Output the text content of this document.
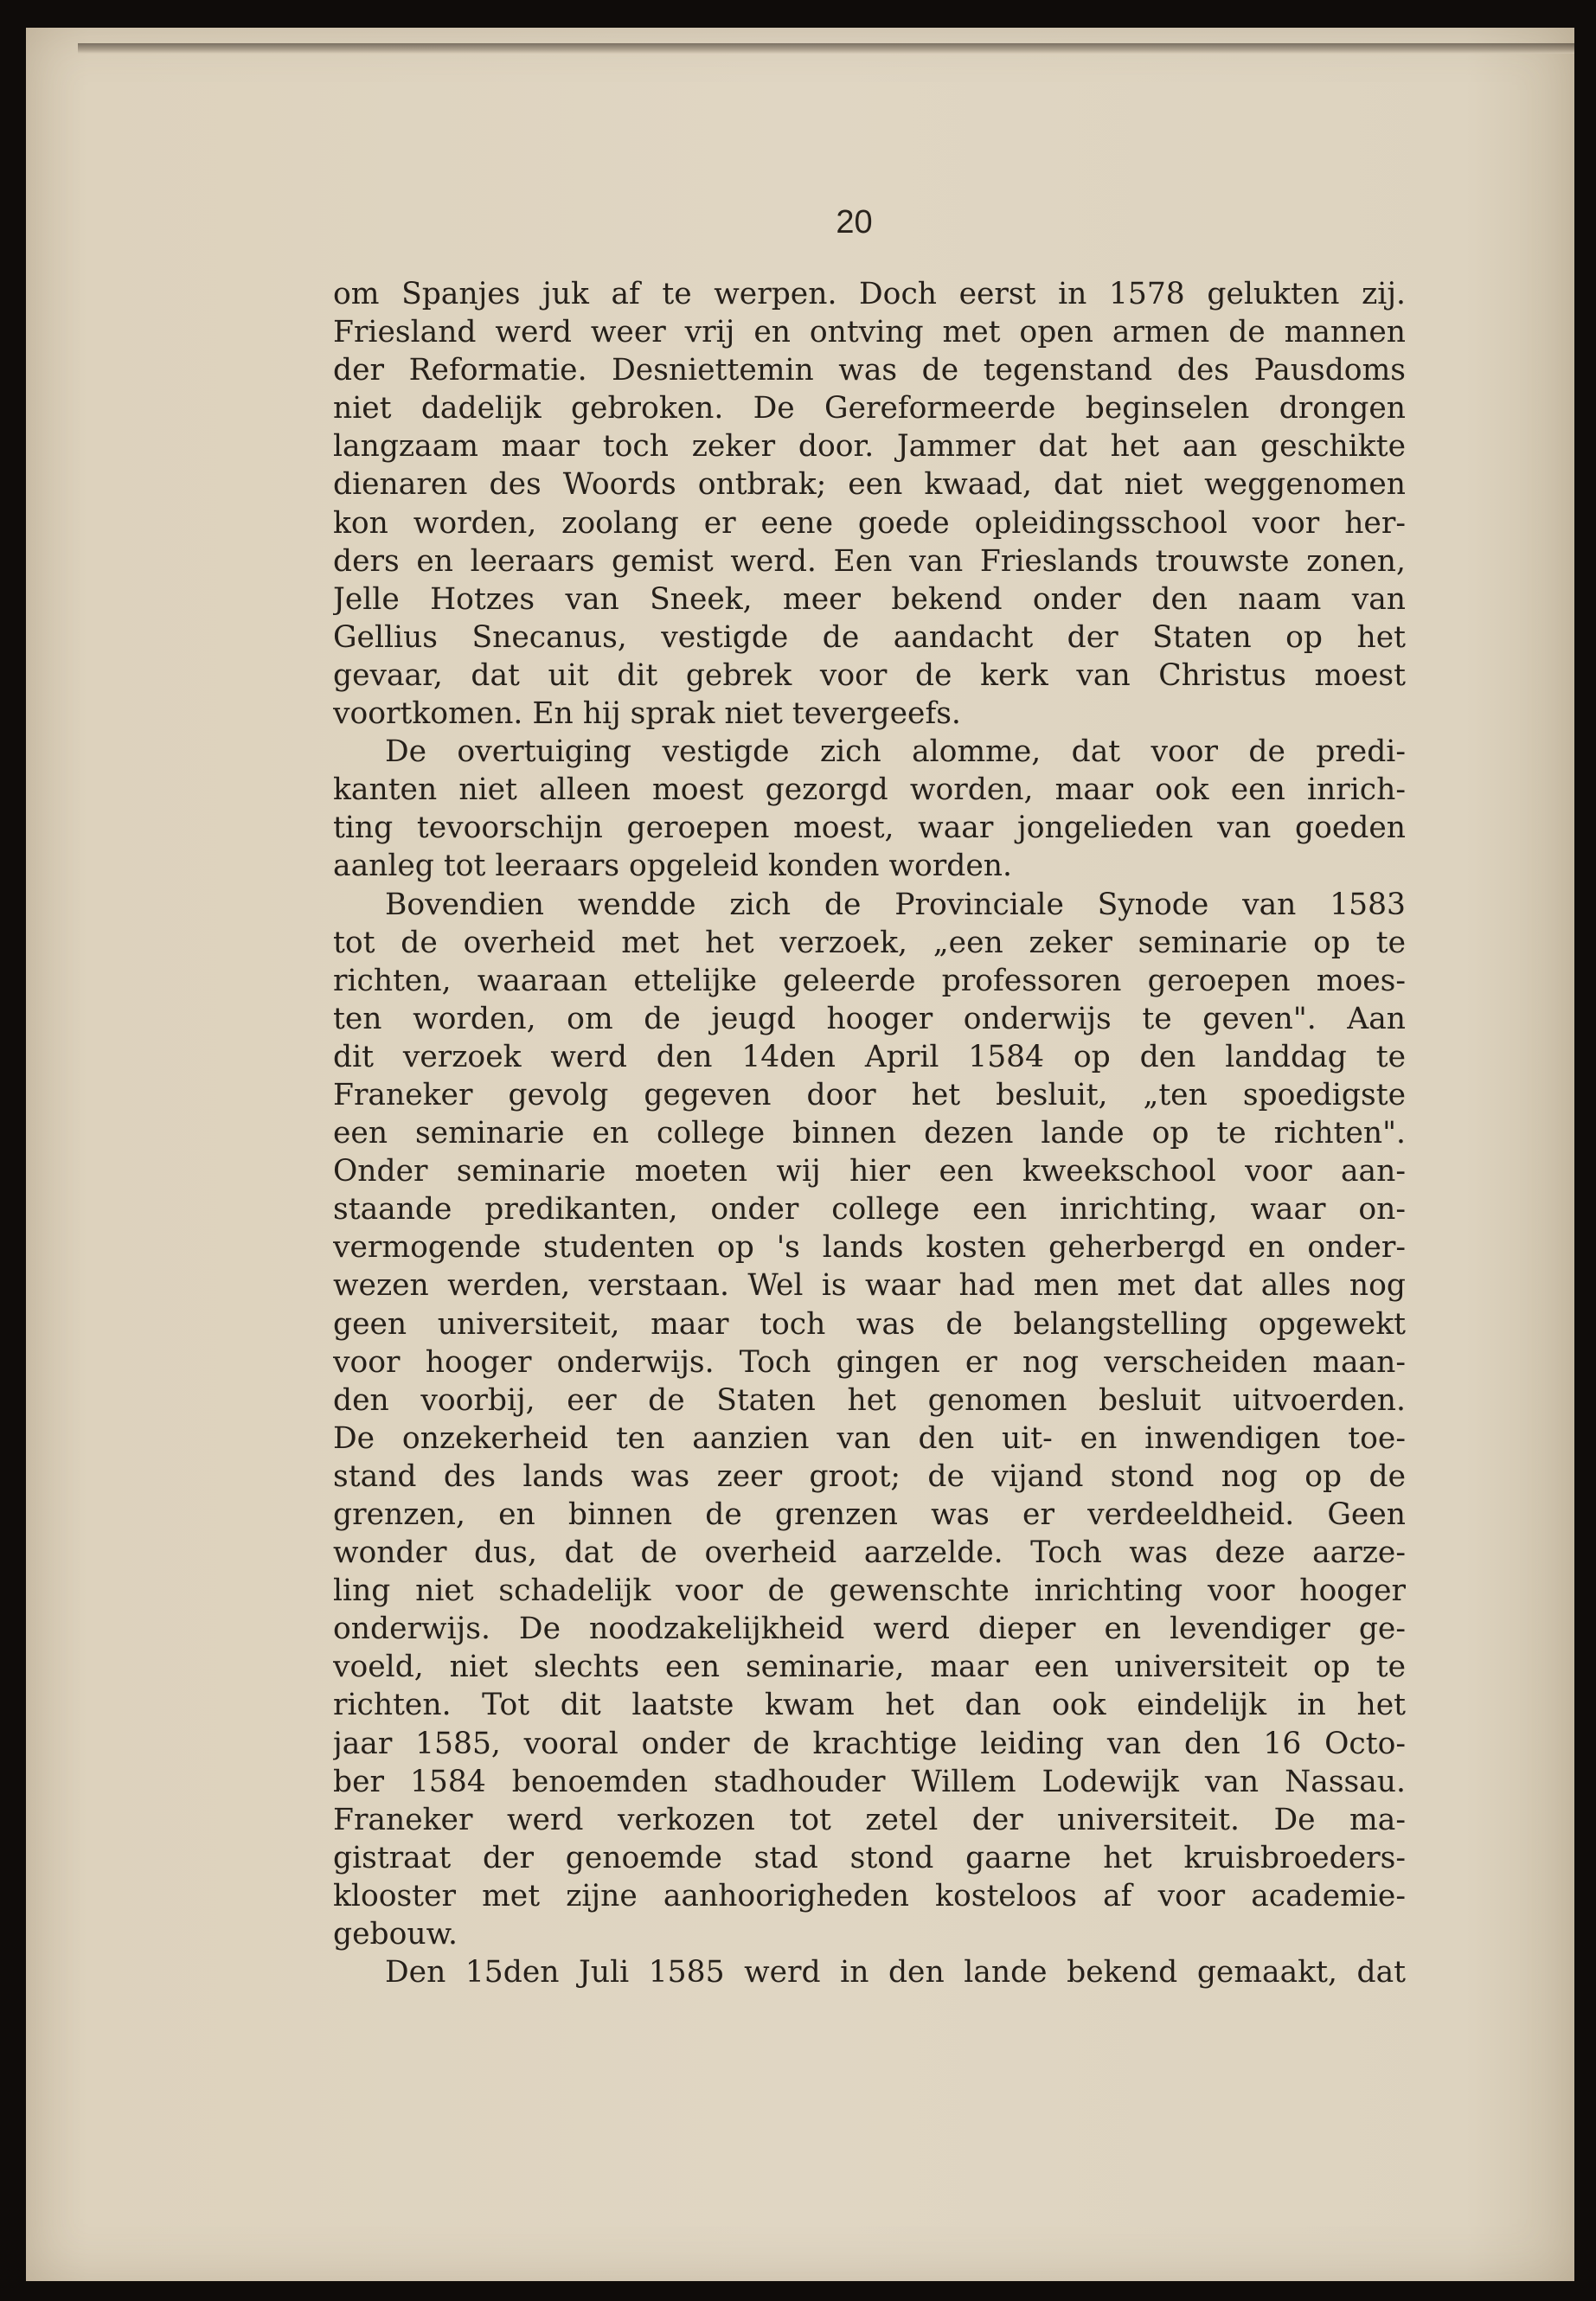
20
om Spanjes juk af te werpen. Doch eerst in 1578 gelukten zij.
Friesland werd weer vrij en ontving met open armen de mannen
der Reformatie. Desniettemin was de tegenstand des Pausdoms
niet dadelijk gebroken. De Gereformeerde beginselen drongen
langzaam maar toch zeker door. Jammer dat het aan geschikte
dienaren des Woords ontbrak; een kwaad, dat niet weggenomen
kon worden, zoolang er eene goede opleidingsschool voor her-
ders en leeraars gemist werd. Een van Frieslands trouwste zonen,
Jelle Hotzes van Sneek, meer bekend onder den naam van
Gellius Snecanus, vestigde de aandacht der Staten op het
gevaar, dat uit dit gebrek voor de kerk van Christus moest
voortkomen. En hij sprak niet tevergeefs.
De overtuiging vestigde zich alomme, dat voor de predi-
kanten niet alleen moest gezorgd worden, maar ook een inrich-
ting tevoorschijn geroepen moest, waar jongelieden van goeden
aanleg tot leeraars opgeleid konden worden.
Bovendien wendde zich de Provinciale Synode van 1583
tot de overheid met het verzoek, „een zeker seminarie op te
richten, waaraan ettelijke geleerde professoren geroepen moes-
ten worden, om de jeugd hooger onderwijs te geven". Aan
dit verzoek werd den 14den April 1584 op den landdag te
Franeker gevolg gegeven door het besluit, „ten spoedigste
een seminarie en college binnen dezen lande op te richten".
Onder seminarie moeten wij hier een kweekschool voor aan-
staande predikanten, onder college een inrichting, waar on-
vermogende studenten op 's lands kosten geherbergd en onder-
wezen werden, verstaan. Wel is waar had men met dat alles nog
geen universiteit, maar toch was de belangstelling opgewekt
voor hooger onderwijs. Toch gingen er nog verscheiden maan-
den voorbij, eer de Staten het genomen besluit uitvoerden.
De onzekerheid ten aanzien van den uit- en inwendigen toe-
stand des lands was zeer groot; de vijand stond nog op de
grenzen, en binnen de grenzen was er verdeeldheid. Geen
wonder dus, dat de overheid aarzelde. Toch was deze aarze-
ling niet schadelijk voor de gewenschte inrichting voor hooger
onderwijs. De noodzakelijkheid werd dieper en levendiger ge-
voeld, niet slechts een seminarie, maar een universiteit op te
richten. Tot dit laatste kwam het dan ook eindelijk in het
jaar 1585, vooral onder de krachtige leiding van den 16 Octo-
ber 1584 benoemden stadhouder Willem Lodewijk van Nassau.
Franeker werd verkozen tot zetel der universiteit. De ma-
gistraat der genoemde stad stond gaarne het kruisbroeders-
klooster met zijne aanhoorigheden kosteloos af voor academie-
gebouw.
Den 15den Juli 1585 werd in den lande bekend gemaakt, dat
